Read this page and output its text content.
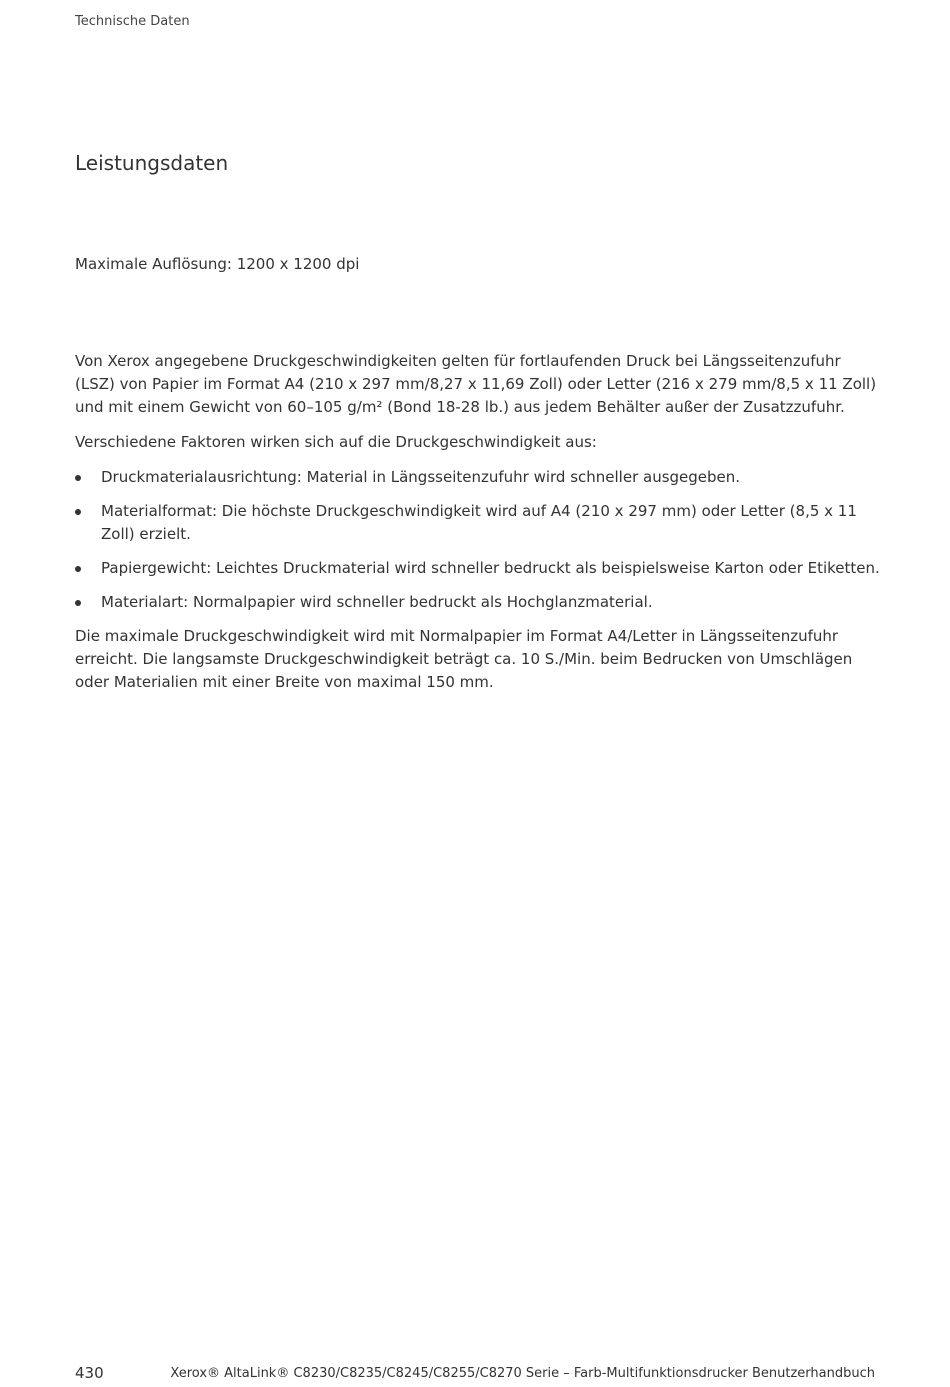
Technische Daten
Leistungsdaten

Maximale Auflösung: 1200 x 1200 dpi

Von Xerox angegebene Druckgeschwindigkeiten gelten für fortlaufenden Druck bei Längsseitenzufuhr (LSZ) von Papier im Format A4 (210 x 297 mm/8,27 x 11,69 Zoll) oder Letter (216 x 279 mm/8,5 x 11 Zoll) und mit einem Gewicht von 60–105 g/m² (Bond 18-28 lb.) aus jedem Behälter außer der Zusatzzufuhr.

Verschiedene Faktoren wirken sich auf die Druckgeschwindigkeit aus:

Druckmaterialausrichtung: Material in Längsseitenzufuhr wird schneller ausgegeben.
Materialformat: Die höchste Druckgeschwindigkeit wird auf A4 (210 x 297 mm) oder Letter (8,5 x 11 Zoll) erzielt.
Papiergewicht: Leichtes Druckmaterial wird schneller bedruckt als beispielsweise Karton oder Etiketten.
Materialart: Normalpapier wird schneller bedruckt als Hochglanzmaterial.

Die maximale Druckgeschwindigkeit wird mit Normalpapier im Format A4/Letter in Längsseitenzufuhr erreicht. Die langsamste Druckgeschwindigkeit beträgt ca. 10 S./Min. beim Bedrucken von Umschlägen oder Materialien mit einer Breite von maximal 150 mm.

430	Xerox® AltaLink® C8230/C8235/C8245/C8255/C8270 Serie – Farb-Multifunktionsdrucker Benutzerhandbuch
